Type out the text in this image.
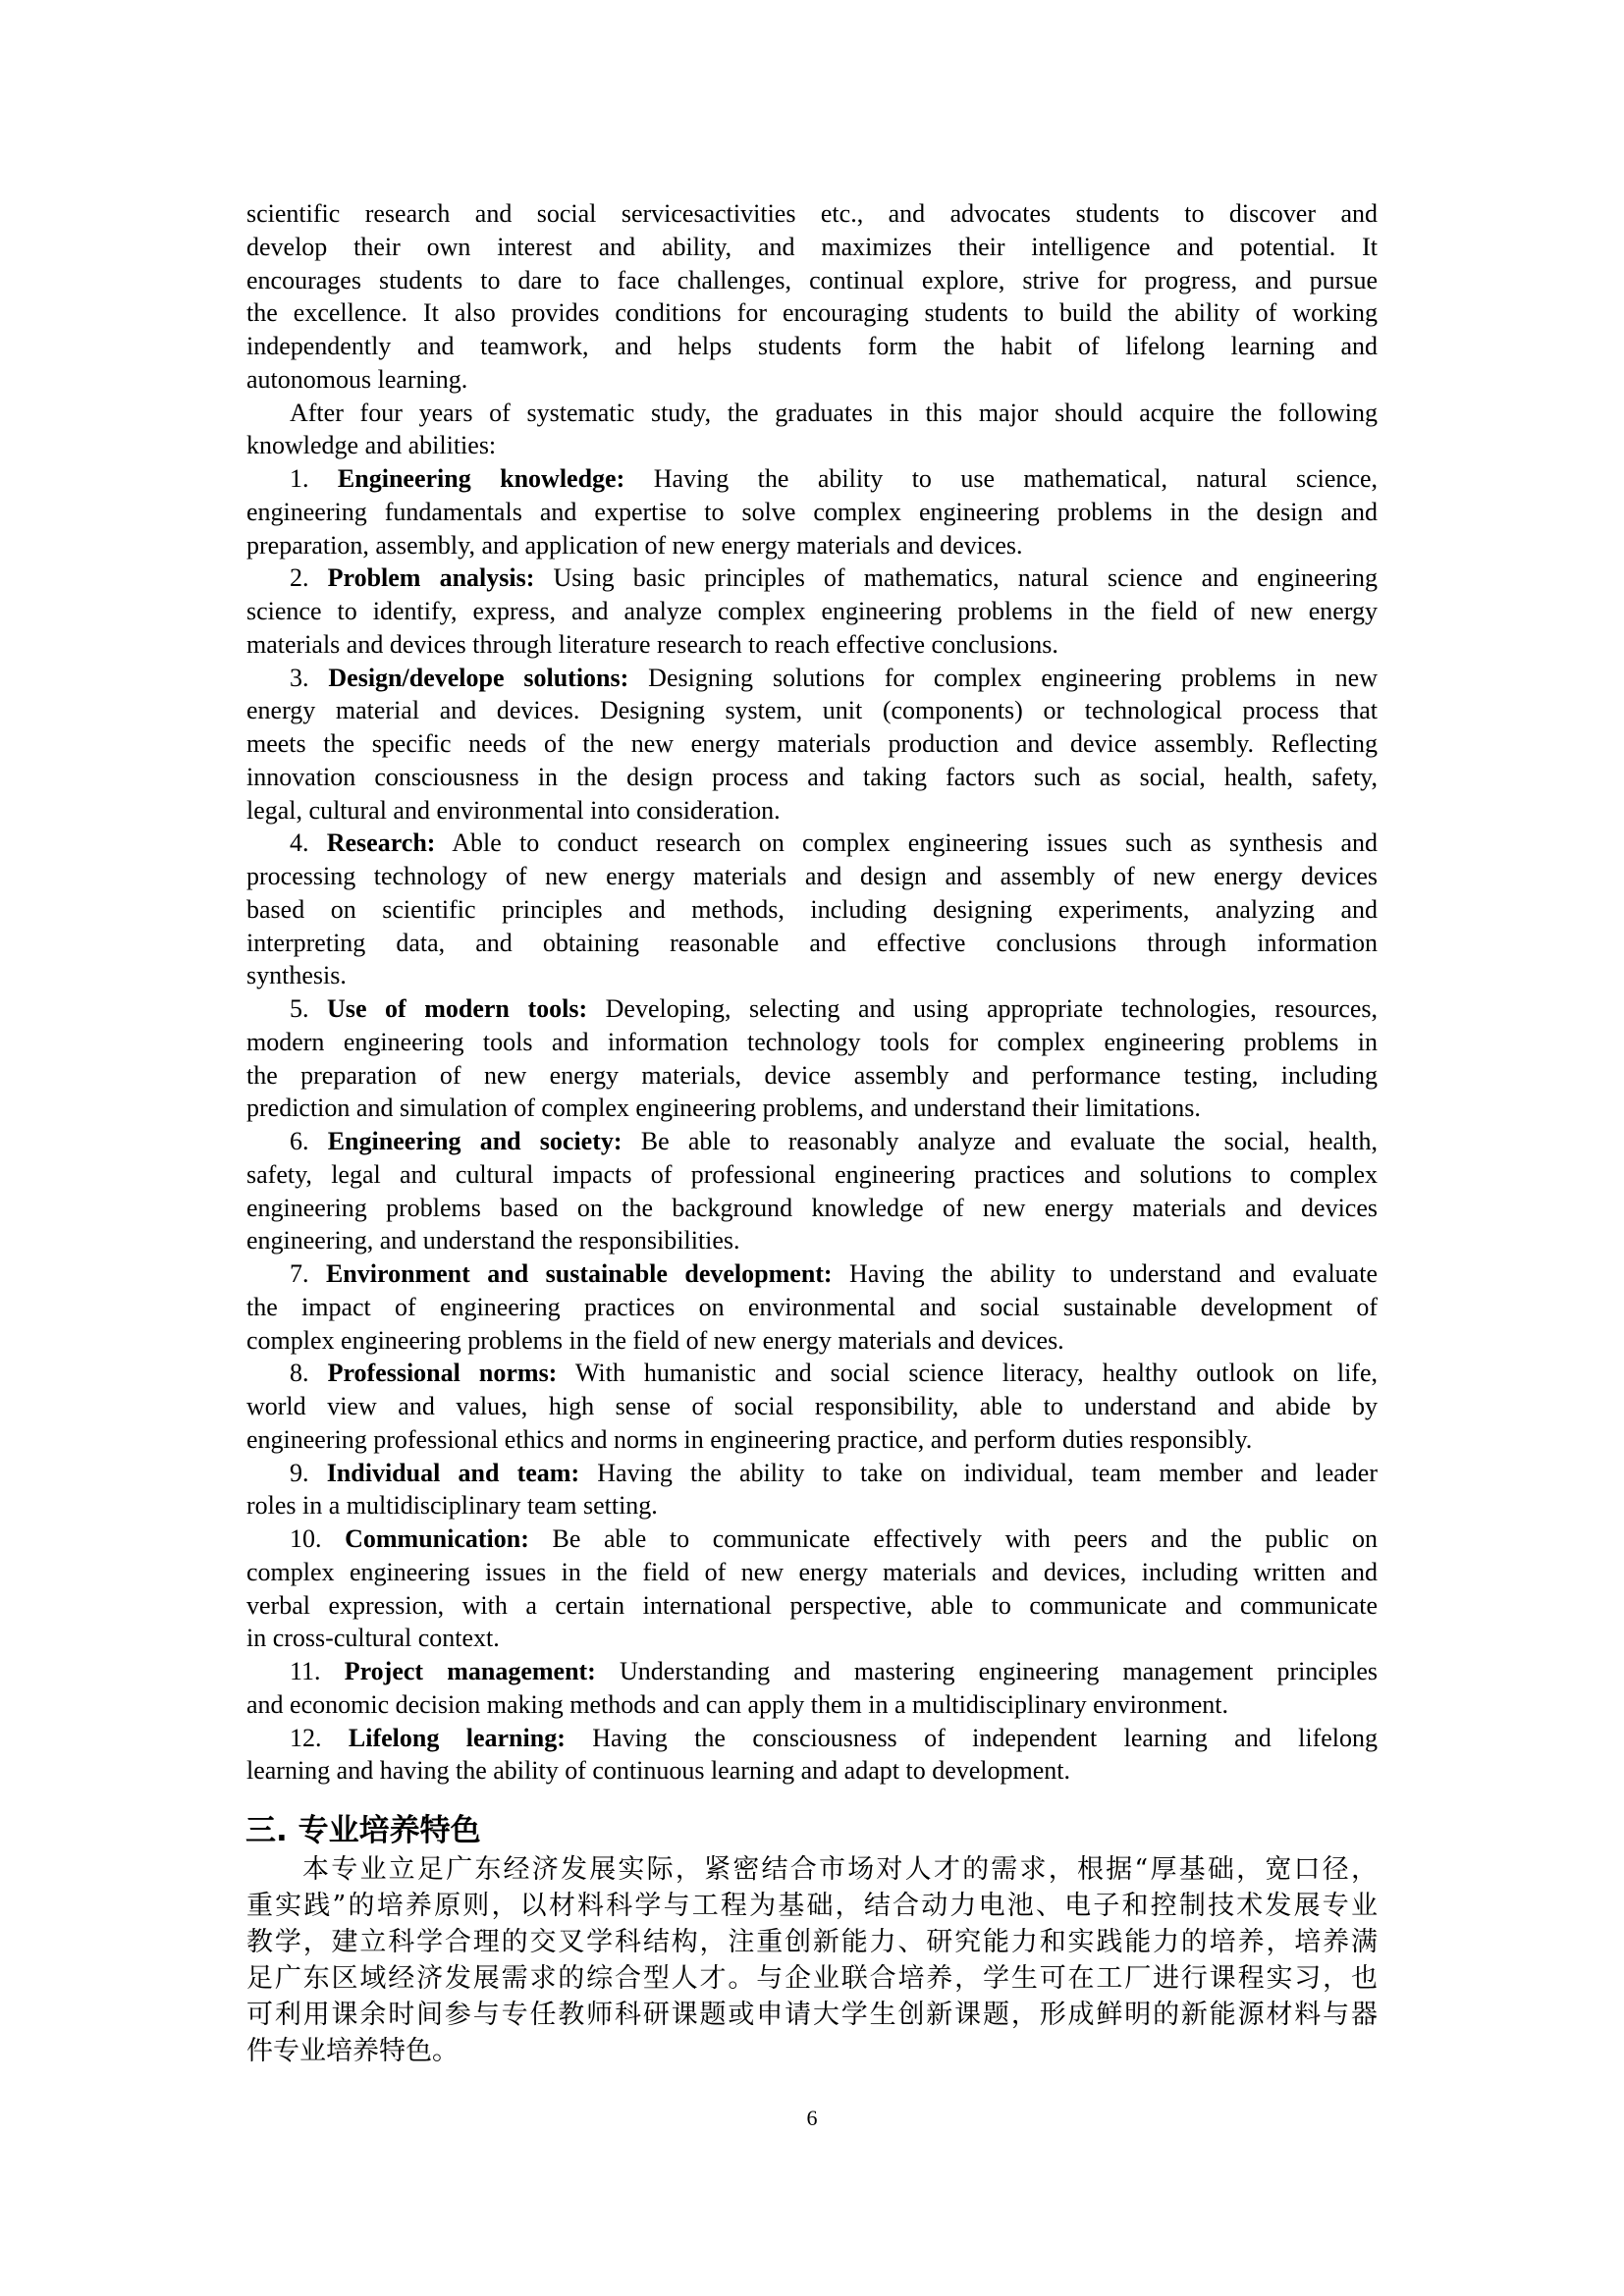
scientific research and social servicesactivities etc., and advocates students to discover and
develop their own interest and ability, and maximizes their intelligence and potential. It
encourages students to dare to face challenges, continual explore, strive for progress, and pursue
the excellence. It also provides conditions for encouraging students to build the ability of working
independently and teamwork, and helps students form the habit of lifelong learning and
autonomous learning.
After four years of systematic study, the graduates in this major should acquire the following
knowledge and abilities:
1. Engineering knowledge: Having the ability to use mathematical, natural science,
engineering fundamentals and expertise to solve complex engineering problems in the design and
preparation, assembly, and application of new energy materials and devices.
2. Problem analysis: Using basic principles of mathematics, natural science and engineering
science to identify, express, and analyze complex engineering problems in the field of new energy
materials and devices through literature research to reach effective conclusions.
3. Design/develope solutions: Designing solutions for complex engineering problems in new
energy material and devices. Designing system, unit (components) or technological process that
meets the specific needs of the new energy materials production and device assembly. Reflecting
innovation consciousness in the design process and taking factors such as social, health, safety,
legal, cultural and environmental into consideration.
4. Research: Able to conduct research on complex engineering issues such as synthesis and
processing technology of new energy materials and design and assembly of new energy devices
based on scientific principles and methods, including designing experiments, analyzing and
interpreting data, and obtaining reasonable and effective conclusions through information
synthesis.
5. Use of modern tools: Developing, selecting and using appropriate technologies, resources,
modern engineering tools and information technology tools for complex engineering problems in
the preparation of new energy materials, device assembly and performance testing, including
prediction and simulation of complex engineering problems, and understand their limitations.
6. Engineering and society: Be able to reasonably analyze and evaluate the social, health,
safety, legal and cultural impacts of professional engineering practices and solutions to complex
engineering problems based on the background knowledge of new energy materials and devices
engineering, and understand the responsibilities.
7. Environment and sustainable development: Having the ability to understand and evaluate
the impact of engineering practices on environmental and social sustainable development of
complex engineering problems in the field of new energy materials and devices.
8. Professional norms: With humanistic and social science literacy, healthy outlook on life,
world view and values, high sense of social responsibility, able to understand and abide by
engineering professional ethics and norms in engineering practice, and perform duties responsibly.
9. Individual and team: Having the ability to take on individual, team member and leader
roles in a multidisciplinary team setting.
10. Communication: Be able to communicate effectively with peers and the public on
complex engineering issues in the field of new energy materials and devices, including written and
verbal expression, with a certain international perspective, able to communicate and communicate
in cross-cultural context.
11. Project management: Understanding and mastering engineering management principles
and economic decision making methods and can apply them in a multidisciplinary environment.
12. Lifelong learning: Having the consciousness of independent learning and lifelong
learning and having the ability of continuous learning and adapt to development.
三. 专业培养特色
本专业立足广东经济发展实际，紧密结合市场对人才的需求，根据“厚基础，宽口径，
重实践”的培养原则，以材料科学与工程为基础，结合动力电池、电子和控制技术发展专业
教学，建立科学合理的交叉学科结构，注重创新能力、研究能力和实践能力的培养，培养满
足广东区域经济发展需求的综合型人才。与企业联合培养，学生可在工厂进行课程实习，也
可利用课余时间参与专任教师科研课题或申请大学生创新课题，形成鲜明的新能源材料与器
件专业培养特色。
6
